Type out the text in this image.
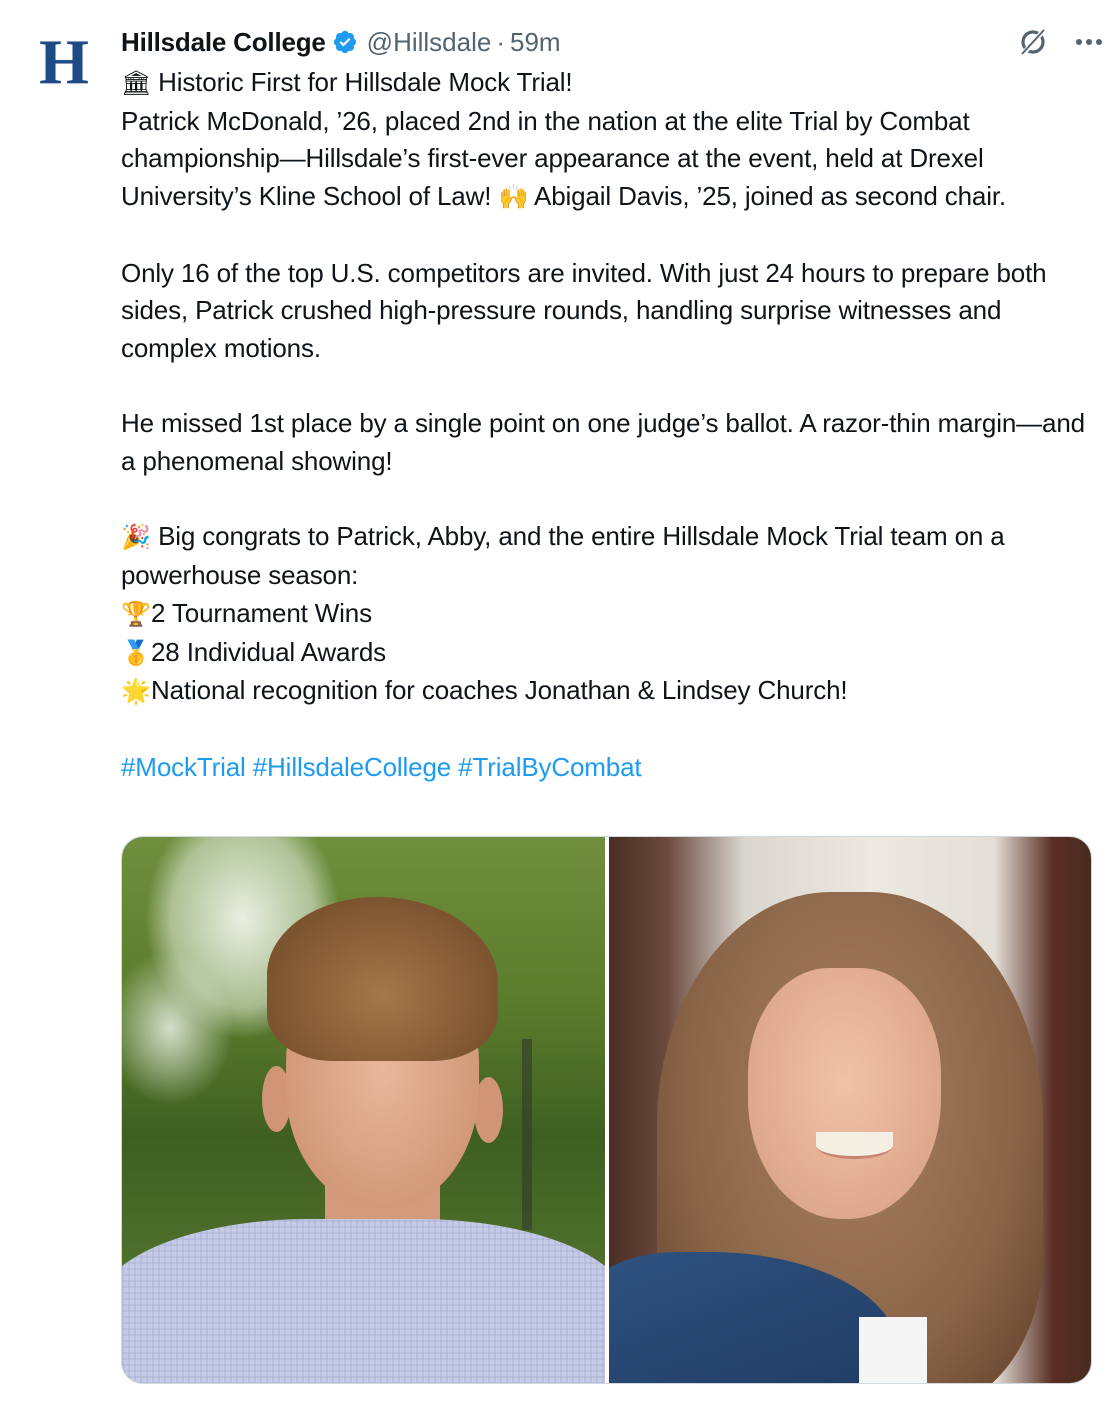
H Hillsdale College @Hillsdale · 59m

🏛 Historic First for Hillsdale Mock Trial!

Patrick McDonald, ’26, placed 2nd in the nation at the elite Trial by Combat championship—Hillsdale’s first-ever appearance at the event, held at Drexel University’s Kline School of Law! 🙌 Abigail Davis, ’25, joined as second chair.

Only 16 of the top U.S. competitors are invited. With just 24 hours to prepare both sides, Patrick crushed high-pressure rounds, handling surprise witnesses and complex motions.

He missed 1st place by a single point on one judge’s ballot. A razor-thin margin—and a phenomenal showing!

🎉 Big congrats to Patrick, Abby, and the entire Hillsdale Mock Trial team on a powerhouse season:

🏆2 Tournament Wins

🥇28 Individual Awards

🌟National recognition for coaches Jonathan & Lindsey Church!

#MockTrial #HillsdaleCollege #TrialByCombat
